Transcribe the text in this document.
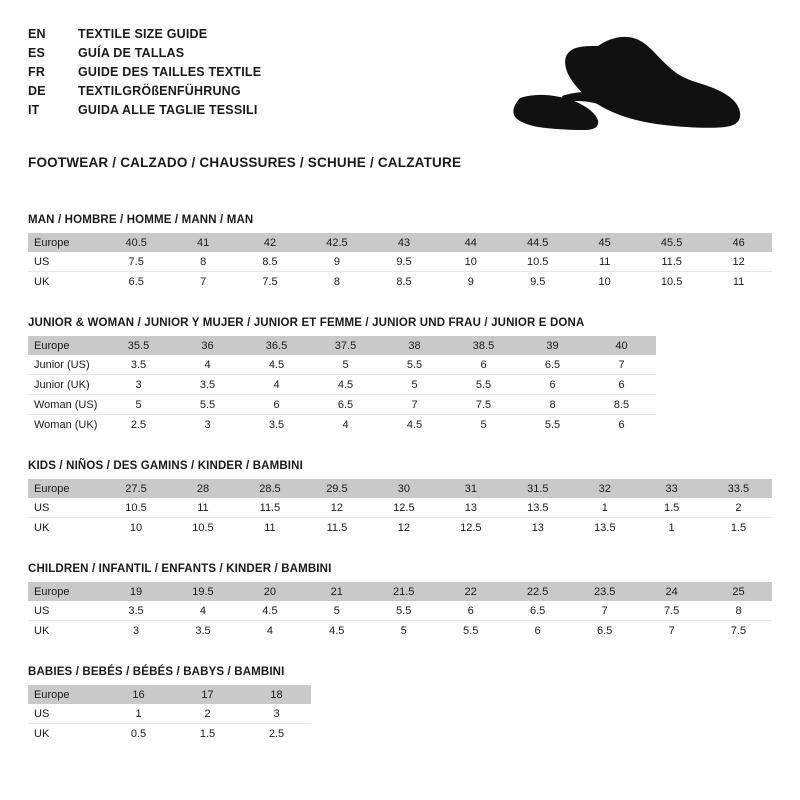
EN	TEXTILE SIZE GUIDE
ES	GUÍA DE TALLAS
FR	GUIDE DES TAILLES TEXTILE
DE	TEXTILGRÖßENFÜHRUNG
IT	GUIDA ALLE TAGLIE TESSILI
FOOTWEAR / CALZADO / CHAUSSURES / SCHUHE / CALZATURE
MAN / HOMBRE / HOMME / MANN / MAN
Europe	40.5	41	42	42.5	43	44	44.5	45	45.5	46
US	7.5	8	8.5	9	9.5	10	10.5	11	11.5	12
UK	6.5	7	7.5	8	8.5	9	9.5	10	10.5	11
JUNIOR & WOMAN / JUNIOR Y MUJER / JUNIOR ET FEMME / JUNIOR UND FRAU / JUNIOR E DONA
Europe	35.5	36	36.5	37.5	38	38.5	39	40
Junior (US)	3.5	4	4.5	5	5.5	6	6.5	7
Junior (UK)	3	3.5	4	4.5	5	5.5	6	6
Woman (US)	5	5.5	6	6.5	7	7.5	8	8.5
Woman (UK)	2.5	3	3.5	4	4.5	5	5.5	6
KIDS / NIÑOS / DES GAMINS / KINDER / BAMBINI
Europe	27.5	28	28.5	29.5	30	31	31.5	32	33	33.5
US	10.5	11	11.5	12	12.5	13	13.5	1	1.5	2
UK	10	10.5	11	11.5	12	12.5	13	13.5	1	1.5
CHILDREN / INFANTIL / ENFANTS / KINDER / BAMBINI
Europe	19	19.5	20	21	21.5	22	22.5	23.5	24	25
US	3.5	4	4.5	5	5.5	6	6.5	7	7.5	8
UK	3	3.5	4	4.5	5	5.5	6	6.5	7	7.5
BABIES / BEBÉS / BÉBÉS / BABYS / BAMBINI
Europe	16	17	18
US	1	2	3
UK	0.5	1.5	2.5
